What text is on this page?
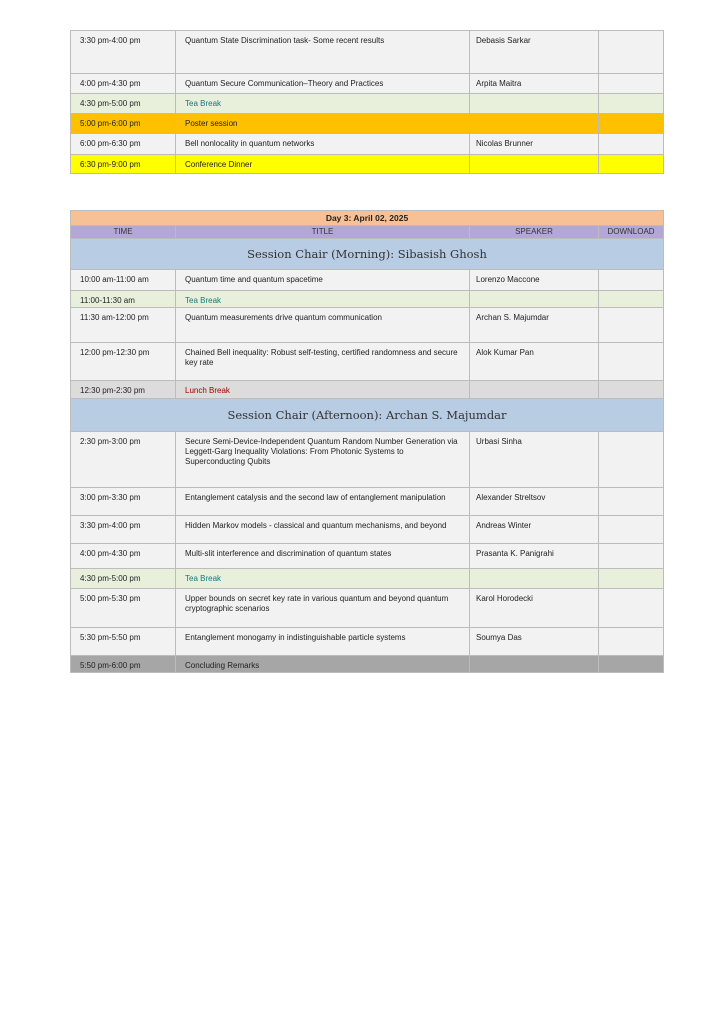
3:30 pm-4:00 pm	Quantum State Discrimination task- Some recent results	Debasis Sarkar	

4:00 pm-4:30 pm	Quantum Secure Communication–Theory and Practices	Arpita Maitra	

4:30 pm-5:00 pm	Tea Break		

5:00 pm-6:00 pm	Poster session		

6:00 pm-6:30 pm	Bell nonlocality in quantum networks	Nicolas Brunner	

6:30 pm-9:00 pm	Conference Dinner		

Day 3: April 02, 2025			
TIME	TITLE	SPEAKER	DOWNLOAD
Session Chair (Morning): Sibasish Ghosh			

10:00 am-11:00 am	Quantum time and quantum spacetime	Lorenzo Maccone	

11:00-11:30 am	Tea Break		

11:30 am-12:00 pm	Quantum measurements drive quantum communication	Archan S. Majumdar	

12:00 pm-12:30 pm	Chained Bell inequality: Robust self-testing, certified randomness and secure key rate	Alok Kumar Pan	

12:30 pm-2:30 pm	Lunch Break		

Session Chair (Afternoon): Archan S. Majumdar			

2:30 pm-3:00 pm	Secure Semi-Device-Independent Quantum Random Number Generation via Leggett-Garg Inequality Violations: From Photonic Systems to Superconducting Qubits	Urbasi Sinha	

3:00 pm-3:30 pm	Entanglement catalysis and the second law of entanglement manipulation	Alexander Streltsov	

3:30 pm-4:00 pm	Hidden Markov models - classical and quantum mechanisms, and beyond	Andreas Winter	

4:00 pm-4:30 pm	Multi-slit interference and discrimination of quantum states	Prasanta K. Panigrahi	

4:30 pm-5:00 pm	Tea Break		

5:00 pm-5:30 pm	Upper bounds on secret key rate in various quantum and beyond quantum cryptographic scenarios	Karol Horodecki	

5:30 pm-5:50 pm	Entanglement monogamy in indistinguishable particle systems	Soumya Das	

5:50 pm-6:00 pm	Concluding Remarks		
